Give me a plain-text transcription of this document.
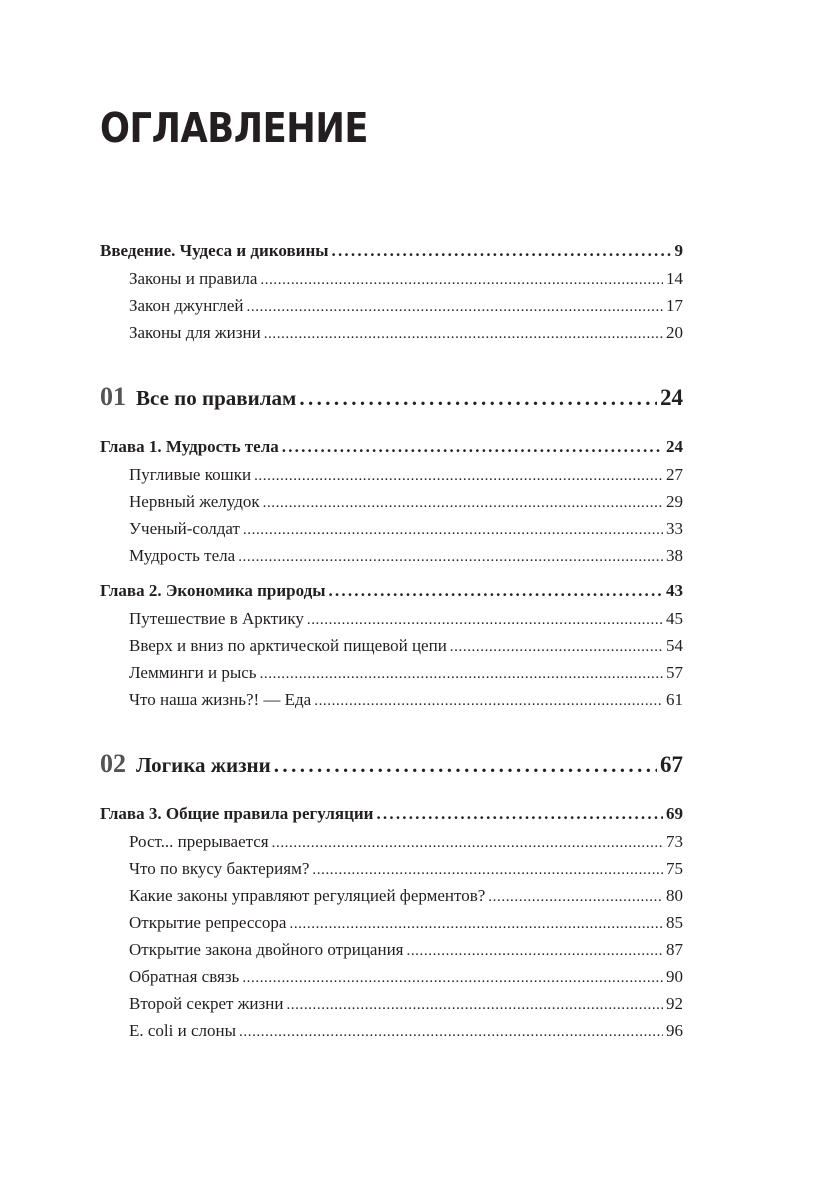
ОГЛАВЛЕНИЕ
Введение. Чудеса и диковины .....	9
Законы и правила .....	14
Закон джунглей .....	17
Законы для жизни .....	20
01 Все по правилам .....	24
Глава 1. Мудрость тела .....	24
Пугливые кошки .....	27
Нервный желудок .....	29
Ученый-солдат .....	33
Мудрость тела .....	38
Глава 2. Экономика природы .....	43
Путешествие в Арктику .....	45
Вверх и вниз по арктической пищевой цепи .....	54
Лемминги и рысь .....	57
Что наша жизнь?! — Еда .....	61
02 Логика жизни .....	67
Глава 3. Общие правила регуляции .....	69
Рост... прерывается .....	73
Что по вкусу бактериям? .....	75
Какие законы управляют регуляцией ферментов? .....	80
Открытие репрессора .....	85
Открытие закона двойного отрицания .....	87
Обратная связь .....	90
Второй секрет жизни .....	92
E. coli и слоны .....	96
